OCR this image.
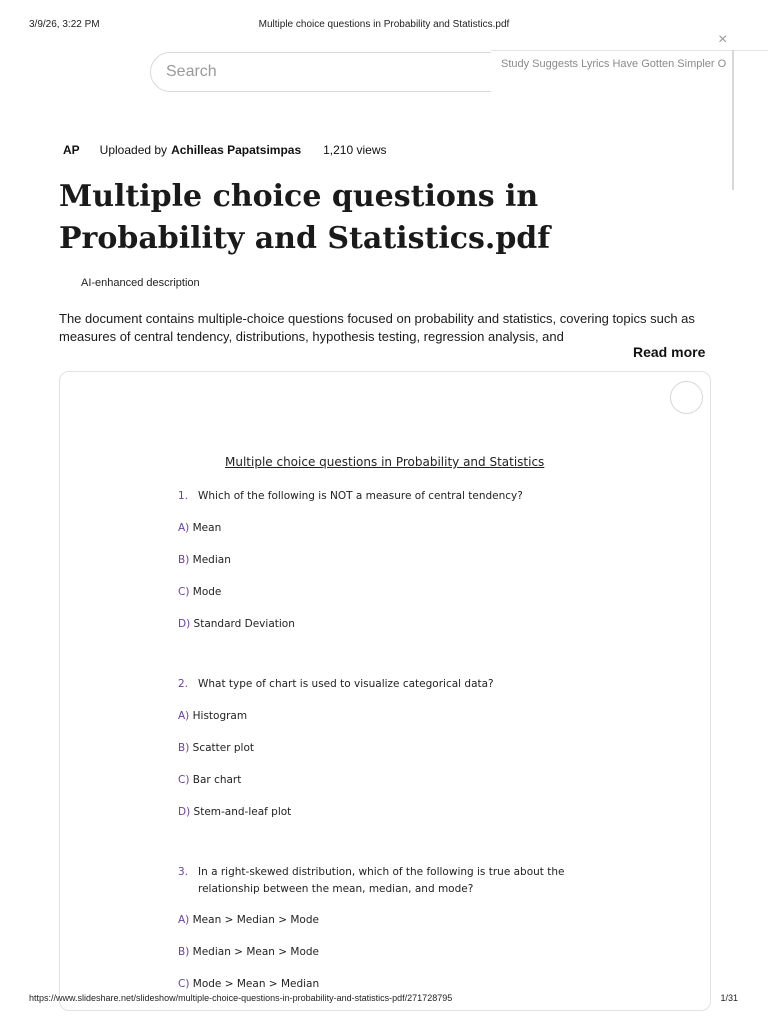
3/9/26, 3:22 PM	Multiple choice questions in Probability and Statistics.pdf
Search	Study Suggests Lyrics Have Gotten Simpler O
×
AP Uploaded by Achilleas Papatsimpas 1,210 views
Multiple choice questions in Probability and Statistics.pdf
AI-enhanced description

The document contains multiple-choice questions focused on probability and statistics, covering topics such as measures of central tendency, distributions, hypothesis testing, regression analysis, and

Read more
Multiple choice questions in Probability and Statistics
1. Which of the following is NOT a measure of central tendency?
A) Mean
B) Median
C) Mode
D) Standard Deviation
2. What type of chart is used to visualize categorical data?
A) Histogram
B) Scatter plot
C) Bar chart
D) Stem-and-leaf plot
3. In a right-skewed distribution, which of the following is true about the relationship between the mean, median, and mode?
A) Mean > Median > Mode
B) Median > Mean > Mode
C) Mode > Mean > Median
https://www.slideshare.net/slideshow/multiple-choice-questions-in-probability-and-statistics-pdf/271728795	1/31
